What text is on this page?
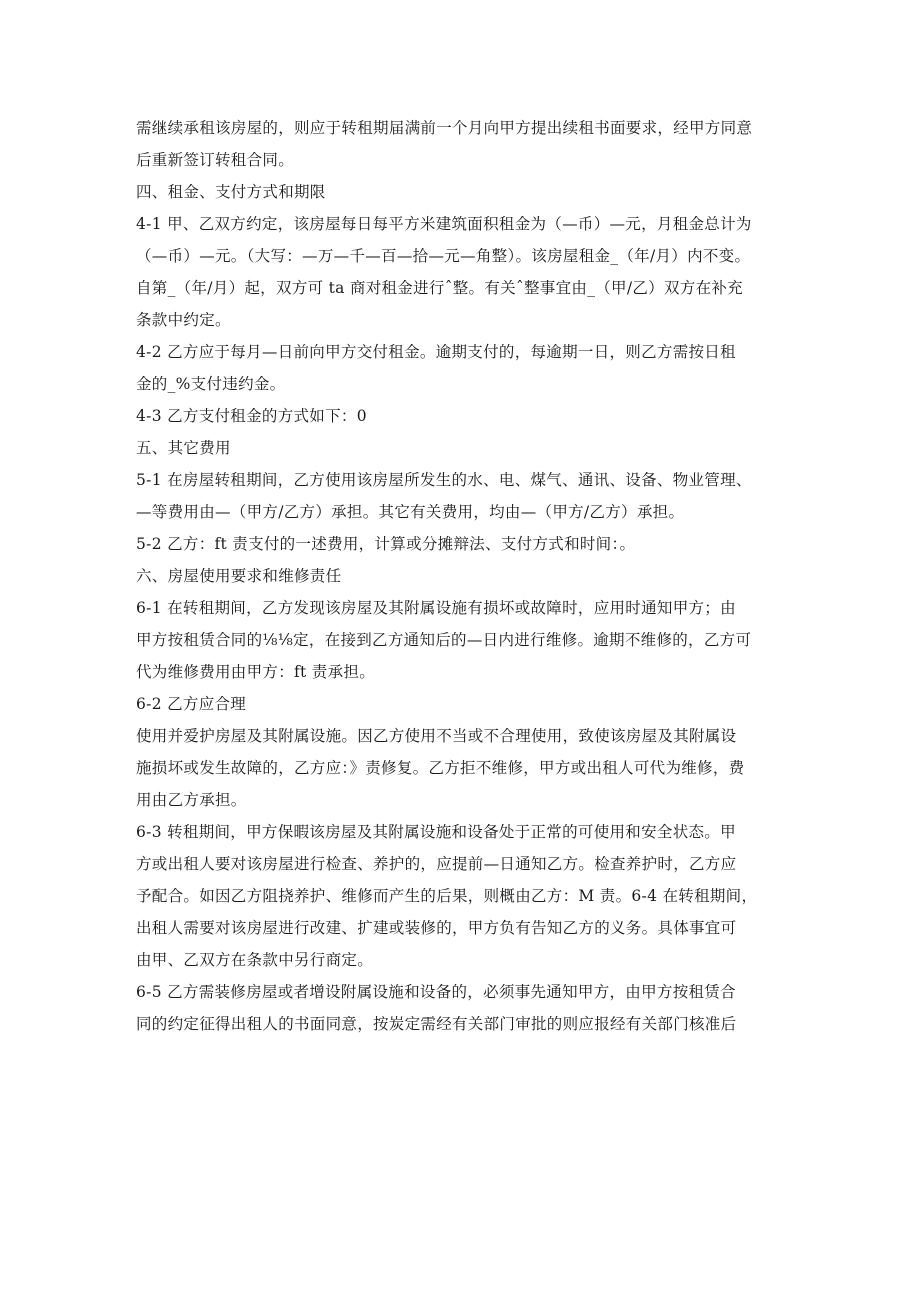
需继续承租该房屋的，则应于转租期届满前一个月向甲方提出续租书面要求，经甲方同意
后重新签订转租合同。
四、租金、支付方式和期限
4-1 甲、乙双方约定，该房屋每日每平方米建筑面积租金为（—币）—元，月租金总计为
（—币）—元。（大写：—万—千—百—拾—元—角整）。该房屋租金_（年/月）内不变。
自第_（年/月）起，双方可 ta 商对租金进行ˆ整。有关ˆ整事宜由_（甲/乙）双方在补充
条款中约定。
4-2 乙方应于每月—日前向甲方交付租金。逾期支付的，每逾期一日，则乙方需按日租
金的_%支付违约金。
4-3 乙方支付租金的方式如下：0
五、其它费用
5-1 在房屋转租期间，乙方使用该房屋所发生的水、电、煤气、通讯、设备、物业管理、
—等费用由—（甲方/乙方）承担。其它有关费用，均由—（甲方/乙方）承担。
5-2 乙方：ft 责支付的一述费用，计算或分摊辩法、支付方式和时间：。
六、房屋使用要求和维修责任
6-1 在转租期间，乙方发现该房屋及其附属设施有损坏或故障时，应用时通知甲方；由
甲方按租赁合同的⅛⅛定，在接到乙方通知后的—日内进行维修。逾期不维修的，乙方可
代为维修费用由甲方：ft 责承担。
6-2 乙方应合理
使用并爱护房屋及其附属设施。因乙方使用不当或不合理使用，致使该房屋及其附属设
施损坏或发生故障的，乙方应：》责修复。乙方拒不维修，甲方或出租人可代为维修，费
用由乙方承担。
6-3 转租期间，甲方保暇该房屋及其附属设施和设备处于正常的可使用和安全状态。甲
方或出租人要对该房屋进行检查、养护的，应提前—日通知乙方。检查养护时，乙方应
予配合。如因乙方阻挠养护、维修而产生的后果，则概由乙方：M 责。6-4 在转租期间，
出租人需要对该房屋进行改建、扩建或装修的，甲方负有告知乙方的义务。具体事宜可
由甲、乙双方在条款中另行商定。
6-5 乙方需装修房屋或者增设附属设施和设备的，必须事先通知甲方，由甲方按租赁合
同的约定征得出租人的书面同意，按炭定需经有关部门审批的则应报经有关部门核准后
